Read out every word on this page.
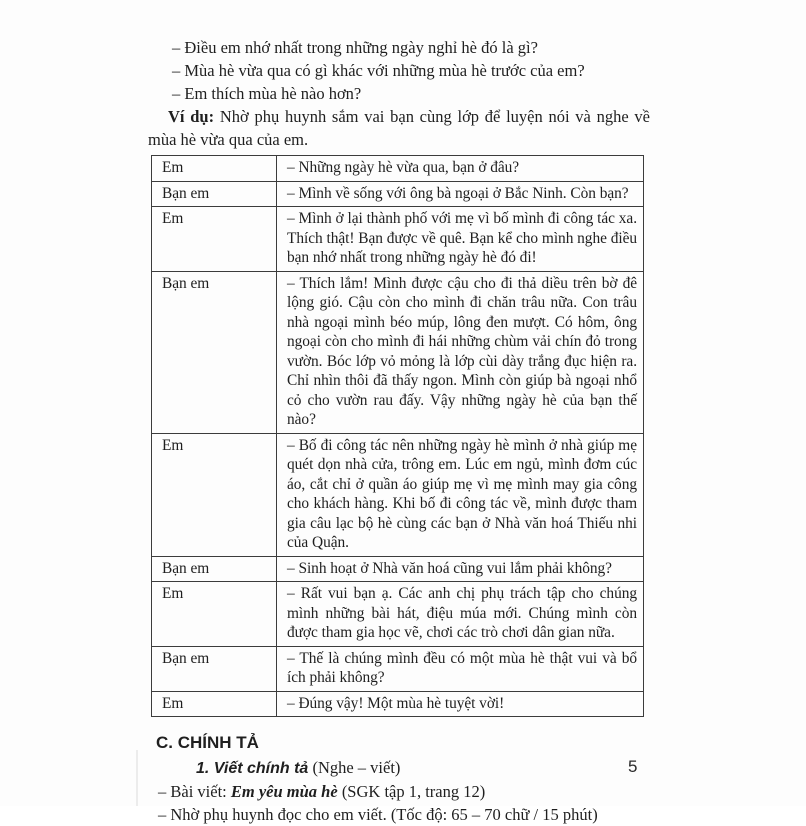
– Điều em nhớ nhất trong những ngày nghỉ hè đó là gì?

– Mùa hè vừa qua có gì khác với những mùa hè trước của em?

– Em thích mùa hè nào hơn?

Ví dụ: Nhờ phụ huynh sắm vai bạn cùng lớp để luyện nói và nghe về mùa hè vừa qua của em.

Em	– Những ngày hè vừa qua, bạn ở đâu?
Bạn em	– Mình về sống với ông bà ngoại ở Bắc Ninh. Còn bạn?
Em	– Mình ở lại thành phố với mẹ vì bố mình đi công tác xa. Thích thật! Bạn được về quê. Bạn kể cho mình nghe điều bạn nhớ nhất trong những ngày hè đó đi!
Bạn em	– Thích lắm! Mình được cậu cho đi thả diều trên bờ đê lộng gió. Cậu còn cho mình đi chăn trâu nữa. Con trâu nhà ngoại mình béo múp, lông đen mượt. Có hôm, ông ngoại còn cho mình đi hái những chùm vải chín đỏ trong vườn. Bóc lớp vỏ mỏng là lớp cùi dày trắng đục hiện ra. Chỉ nhìn thôi đã thấy ngon. Mình còn giúp bà ngoại nhổ cỏ cho vườn rau đấy. Vậy những ngày hè của bạn thế nào?
Em	– Bố đi công tác nên những ngày hè mình ở nhà giúp mẹ quét dọn nhà cửa, trông em. Lúc em ngủ, mình đơm cúc áo, cắt chỉ ở quần áo giúp mẹ vì mẹ mình may gia công cho khách hàng. Khi bố đi công tác về, mình được tham gia câu lạc bộ hè cùng các bạn ở Nhà văn hoá Thiếu nhi của Quận.
Bạn em	– Sinh hoạt ở Nhà văn hoá cũng vui lắm phải không?
Em	– Rất vui bạn ạ. Các anh chị phụ trách tập cho chúng mình những bài hát, điệu múa mới. Chúng mình còn được tham gia học vẽ, chơi các trò chơi dân gian nữa.
Bạn em	– Thế là chúng mình đều có một mùa hè thật vui và bổ ích phải không?
Em	– Đúng vậy! Một mùa hè tuyệt vời!

C. CHÍNH TẢ

1. Viết chính tả (Nghe – viết)

– Bài viết: Em yêu mùa hè (SGK tập 1, trang 12)

– Nhờ phụ huynh đọc cho em viết. (Tốc độ: 65 – 70 chữ / 15 phút)

5
